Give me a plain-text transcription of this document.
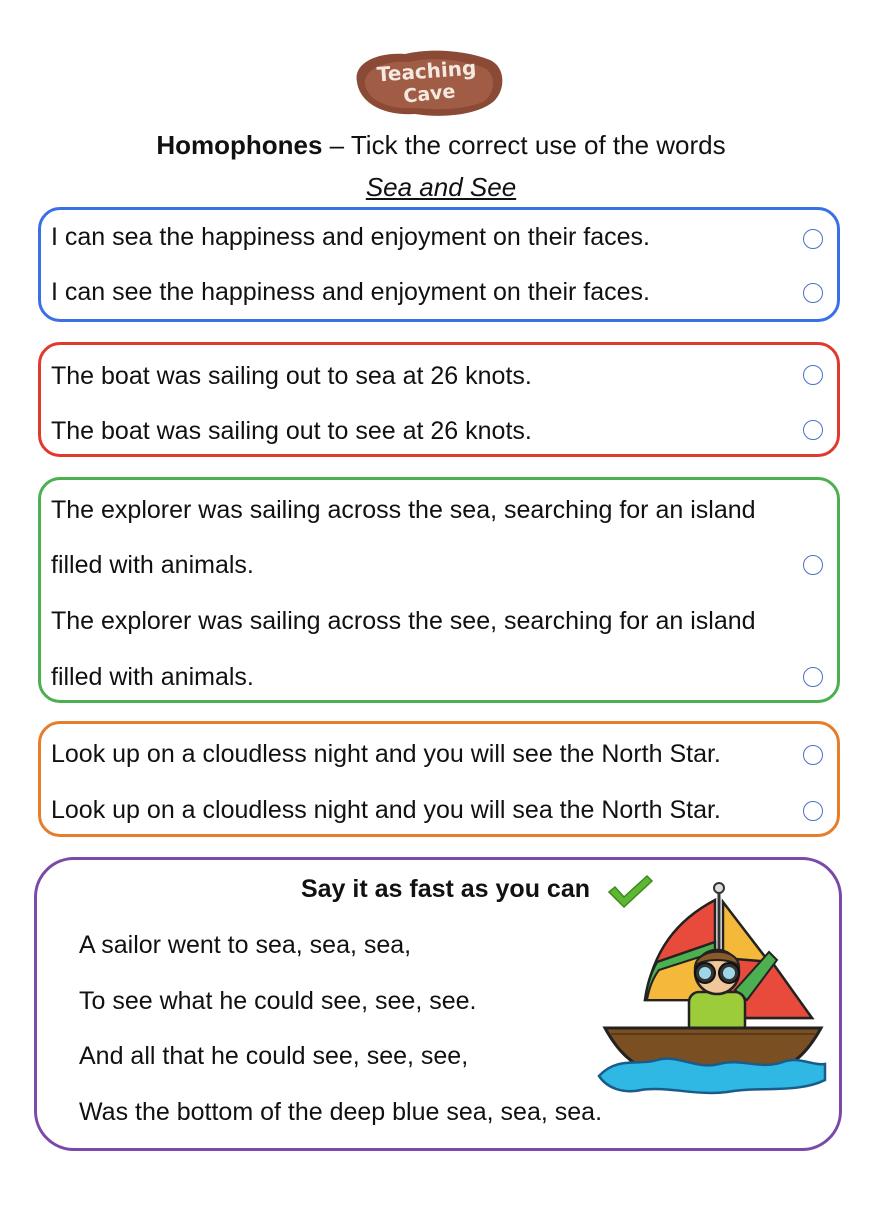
Teaching
Cave
Homophones – Tick the correct use of the words
Sea and See
I can sea the happiness and enjoyment on their faces.
I can see the happiness and enjoyment on their faces.
The boat was sailing out to sea at 26 knots.
The boat was sailing out to see at 26 knots.
The explorer was sailing across the sea, searching for an island
filled with animals.
The explorer was sailing across the see, searching for an island
filled with animals.
Look up on a cloudless night and you will see the North Star.
Look up on a cloudless night and you will sea the North Star.
Say it as fast as you can
A sailor went to sea, sea, sea,
To see what he could see, see, see.
And all that he could see, see, see,
Was the bottom of the deep blue sea, sea, sea.
